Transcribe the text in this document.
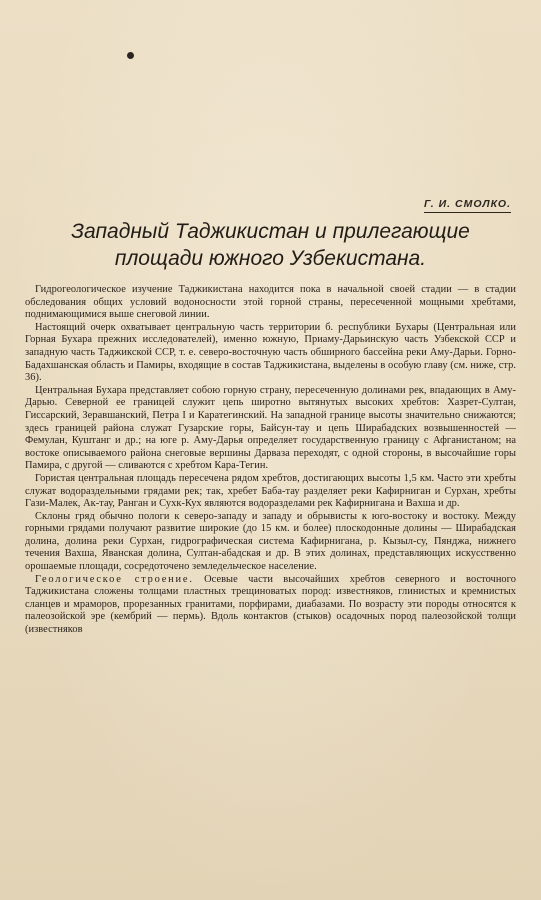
Г. И. СМОЛКО.
Западный Таджикистан и прилегающие
площади южного Узбекистана.

Гидрогеологическое изучение Таджикистана находится пока в начальной своей стадии — в стадии обследования общих условий водоносности этой горной страны, пересеченной мощными хребтами, поднимающимися выше снеговой линии.

Настоящий очерк охватывает центральную часть территории б. республики Бухары (Центральная или Горная Бухара прежних исследователей), именно южную, Приаму-Дарьинскую часть Узбекской ССР и западную часть Таджикской ССР, т. е. северо-восточную часть обширного бассейна реки Аму-Дарьи. Горно-Бадахшанская область и Памиры, входящие в состав Таджикистана, выделены в особую главу (см. ниже, стр. 36).

Центральная Бухара представляет собою горную страну, пересеченную долинами рек, впадающих в Аму-Дарью. Северной ее границей служит цепь широтно вытянутых высоких хребтов: Хазрет-Султан, Гиссарский, Зеравшанский, Петра I и Каратегинский. На западной границе высоты значительно снижаются; здесь границей района служат Гузарские горы, Байсун-тау и цепь Ширабадских возвышенностей — Фемулан, Куштанг и др.; на юге р. Аму-Дарья определяет государственную границу с Афганистаном; на востоке описываемого района снеговые вершины Дарваза переходят, с одной стороны, в высочайшие горы Памира, с другой — сливаются с хребтом Кара-Тегин.

Гористая центральная площадь пересечена рядом хребтов, достигающих высоты 1,5 км. Часто эти хребты служат водораздельными грядами рек; так, хребет Баба-тау разделяет реки Кафирниган и Сурхан, хребты Гази-Малек, Ак-тау, Ранган и Сухк-Кух являются водоразделами рек Кафирнигана и Вахша и др.

Склоны гряд обычно пологи к северо-западу и западу и обрывисты к юго-востоку и востоку. Между горными грядами получают развитие широкие (до 15 км. и более) плоскодонные долины — Ширабадская долина, долина реки Сурхан, гидрографическая система Кафирнигана, р. Кызыл-су, Пянджа, нижнего течения Вахша, Яванская долина, Султан-абадская и др. В этих долинах, представляющих искусственно орошаемые площади, сосредоточено земледельческое население.

Геологическое строение. Осевые части высочайших хребтов северного и восточного Таджикистана сложены толщами пластных трещиноватых пород: известняков, глинистых и кремнистых сланцев и мраморов, прорезанных гранитами, порфирами, диабазами. По возрасту эти породы относятся к палеозойской эре (кембрий — пермь). Вдоль контактов (стыков) осадочных пород палеозойской толщи (известняков
